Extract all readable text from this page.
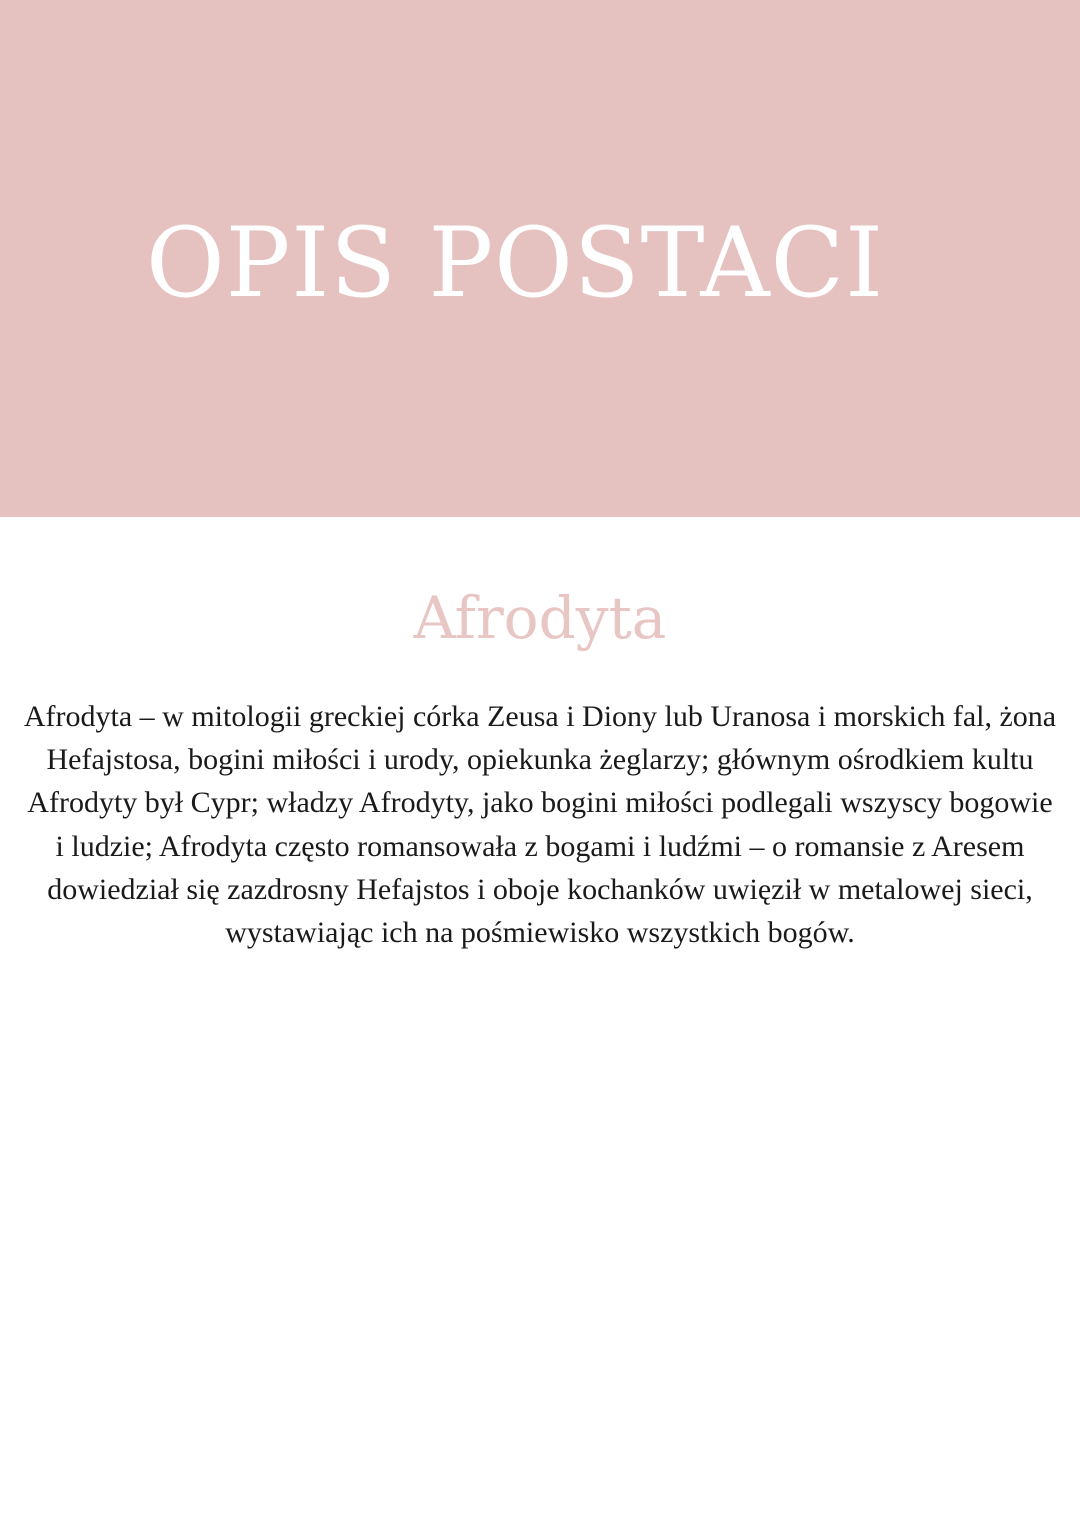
OPIS POSTACI
Afrodyta

Afrodyta – w mitologii greckiej córka Zeusa i Diony lub Uranosa i morskich fal, żona Hefajstosa, bogini miłości i urody, opiekunka żeglarzy; głównym ośrodkiem kultu Afrodyty był Cypr; władzy Afrodyty, jako bogini miłości podlegali wszyscy bogowie i ludzie; Afrodyta często romansowała z bogami i ludźmi – o romansie z Aresem dowiedział się zazdrosny Hefajstos i oboje kochanków uwięził w metalowej sieci, wystawiając ich na pośmiewisko wszystkich bogów.
